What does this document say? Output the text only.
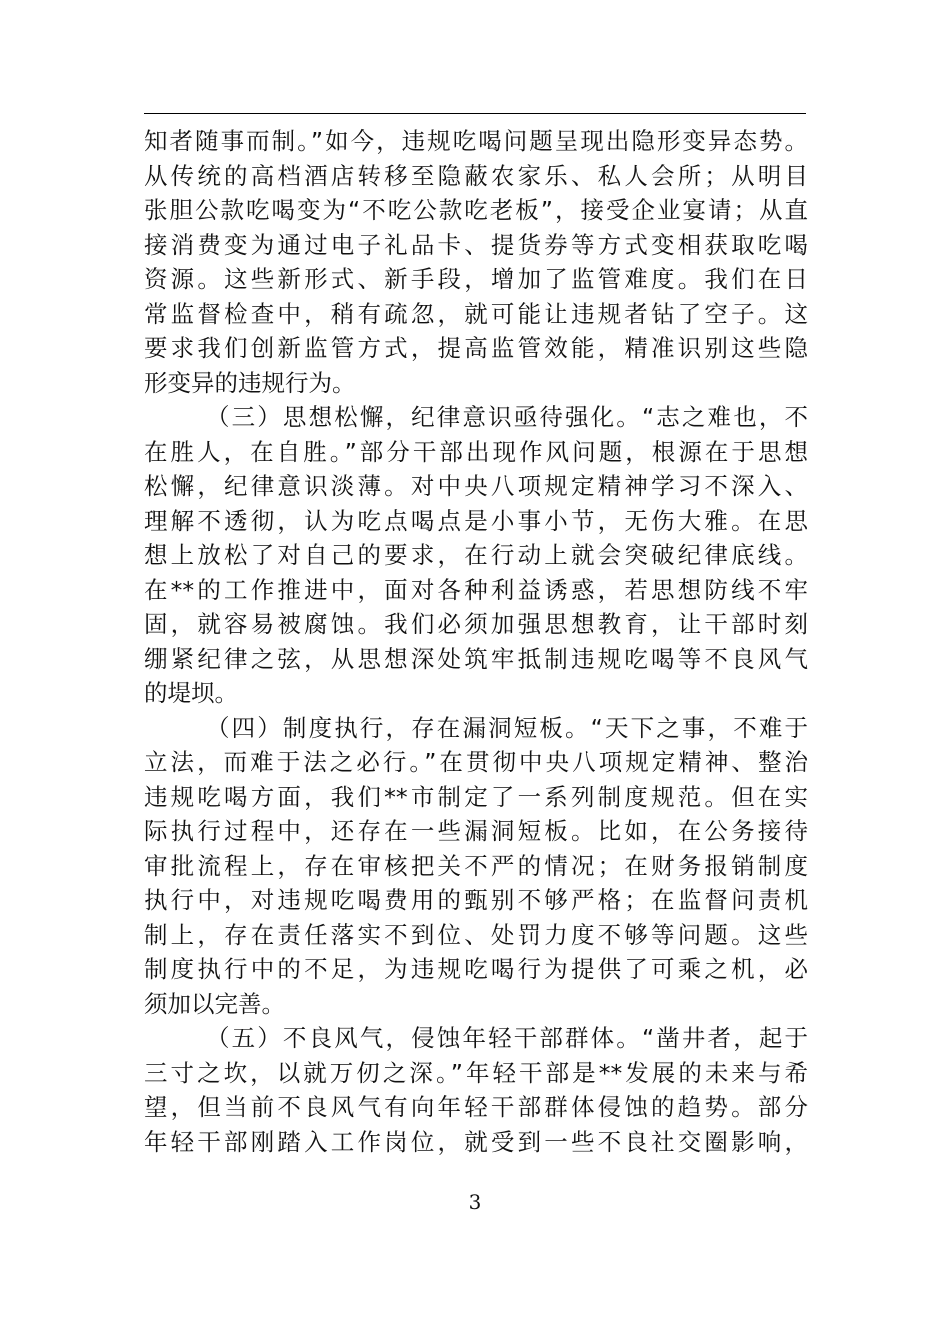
知者随事而制。”如今，违规吃喝问题呈现出隐形变异态势。
从传统的高档酒店转移至隐蔽农家乐、私人会所；从明目
张胆公款吃喝变为“不吃公款吃老板”，接受企业宴请；从直
接消费变为通过电子礼品卡、提货券等方式变相获取吃喝
资源。这些新形式、新手段，增加了监管难度。我们在日
常监督检查中，稍有疏忽，就可能让违规者钻了空子。这
要求我们创新监管方式，提高监管效能，精准识别这些隐
形变异的违规行为。
（三）思想松懈，纪律意识亟待强化。“志之难也，不
在胜人，在自胜。”部分干部出现作风问题，根源在于思想
松懈，纪律意识淡薄。对中央八项规定精神学习不深入、
理解不透彻，认为吃点喝点是小事小节，无伤大雅。在思
想上放松了对自己的要求，在行动上就会突破纪律底线。
在**的工作推进中，面对各种利益诱惑，若思想防线不牢
固，就容易被腐蚀。我们必须加强思想教育，让干部时刻
绷紧纪律之弦，从思想深处筑牢抵制违规吃喝等不良风气
的堤坝。
（四）制度执行，存在漏洞短板。“天下之事，不难于
立法，而难于法之必行。”在贯彻中央八项规定精神、整治
违规吃喝方面，我们**市制定了一系列制度规范。但在实
际执行过程中，还存在一些漏洞短板。比如，在公务接待
审批流程上，存在审核把关不严的情况；在财务报销制度
执行中，对违规吃喝费用的甄别不够严格；在监督问责机
制上，存在责任落实不到位、处罚力度不够等问题。这些
制度执行中的不足，为违规吃喝行为提供了可乘之机，必
须加以完善。
（五）不良风气，侵蚀年轻干部群体。“凿井者，起于
三寸之坎，以就万仞之深。”年轻干部是**发展的未来与希
望，但当前不良风气有向年轻干部群体侵蚀的趋势。部分
年轻干部刚踏入工作岗位，就受到一些不良社交圈影响，
3
